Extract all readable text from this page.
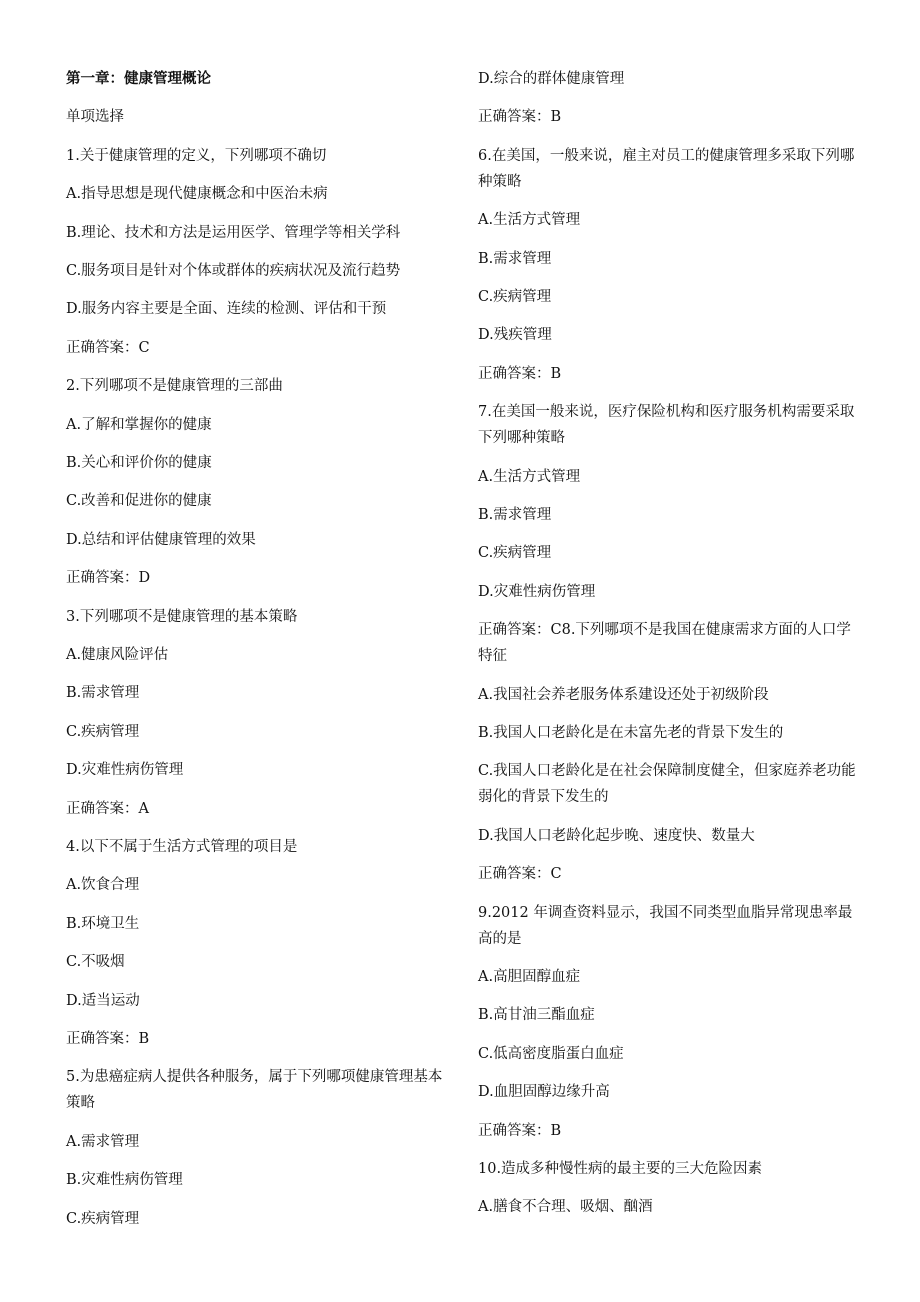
第一章：健康管理概论
单项选择
1.关于健康管理的定义，下列哪项不确切
A.指导思想是现代健康概念和中医治未病
B.理论、技术和方法是运用医学、管理学等相关学科
C.服务项目是针对个体或群体的疾病状况及流行趋势
D.服务内容主要是全面、连续的检测、评估和干预
正确答案：C
2.下列哪项不是健康管理的三部曲
A.了解和掌握你的健康
B.关心和评价你的健康
C.改善和促进你的健康
D.总结和评估健康管理的效果
正确答案：D
3.下列哪项不是健康管理的基本策略
A.健康风险评估
B.需求管理
C.疾病管理
D.灾难性病伤管理
正确答案：A
4.以下不属于生活方式管理的项目是
A.饮食合理
B.环境卫生
C.不吸烟
D.适当运动
正确答案：B
5.为患癌症病人提供各种服务，属于下列哪项健康管理基本策略
A.需求管理
B.灾难性病伤管理
C.疾病管理
D.综合的群体健康管理
正确答案：B
6.在美国，一般来说，雇主对员工的健康管理多采取下列哪种策略
A.生活方式管理
B.需求管理
C.疾病管理
D.残疾管理
正确答案：B
7.在美国一般来说，医疗保险机构和医疗服务机构需要采取下列哪种策略
A.生活方式管理
B.需求管理
C.疾病管理
D.灾难性病伤管理
正确答案：C8.下列哪项不是我国在健康需求方面的人口学特征
A.我国社会养老服务体系建设还处于初级阶段
B.我国人口老龄化是在未富先老的背景下发生的
C.我国人口老龄化是在社会保障制度健全，但家庭养老功能弱化的背景下发生的
D.我国人口老龄化起步晚、速度快、数量大
正确答案：C
9.2012 年调查资料显示，我国不同类型血脂异常现患率最高的是
A.高胆固醇血症
B.高甘油三酯血症
C.低高密度脂蛋白血症
D.血胆固醇边缘升高
正确答案：B
10.造成多种慢性病的最主要的三大危险因素
A.膳食不合理、吸烟、酗酒
